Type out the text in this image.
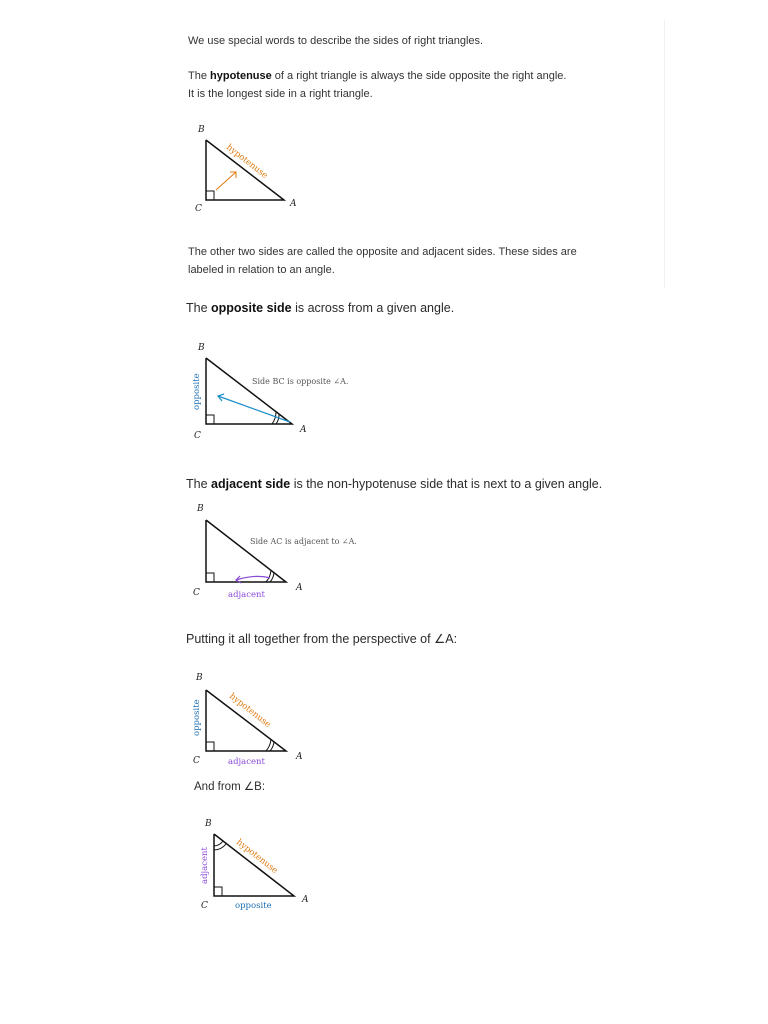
We use special words to describe the sides of right triangles.
The hypotenuse of a right triangle is always the side opposite the right angle.
It is the longest side in a right triangle.
B
C	A
hypotenuse
The other two sides are called the opposite and adjacent sides. These sides are
labeled in relation to an angle.
The opposite side is across from a given angle.
B
C
A
opposite	Side BC is opposite ∠A.
The adjacent side is the non-hypotenuse side that is next to a given angle.
B
C	A
adjacent
Side AC is adjacent to ∠A.
Putting it all together from the perspective of ∠A:
B
C	A
hypotenuse
opposite
adjacent
And from ∠B:
B
C
A
hypotenuse
adjacent
opposite
